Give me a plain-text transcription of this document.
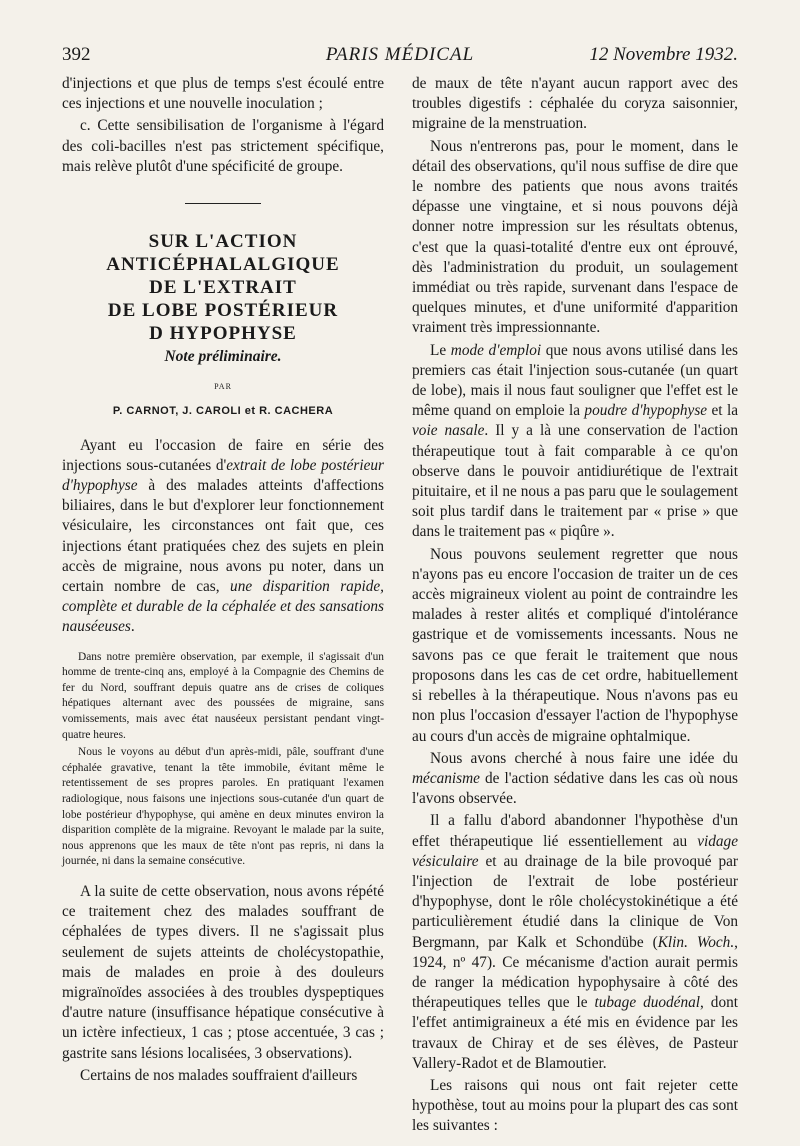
392	PARIS MÉDICAL	12 Novembre 1932.

d'injections et que plus de temps s'est écoulé entre ces injections et une nouvelle inoculation ;

c. Cette sensibilisation de l'organisme à l'égard des coli-bacilles n'est pas strictement spécifique, mais relève plutôt d'une spécificité de groupe.

SUR L'ACTION
ANTICÉPHALALGIQUE
DE L'EXTRAIT
DE LOBE POSTÉRIEUR
D HYPOPHYSE
Note préliminaire.
PAR
P. CARNOT, J. CAROLI et R. CACHERA

Ayant eu l'occasion de faire en série des injections sous-cutanées d'extrait de lobe postérieur d'hypophyse à des malades atteints d'affections biliaires, dans le but d'explorer leur fonctionnement vésiculaire, les circonstances ont fait que, ces injections étant pratiquées chez des sujets en plein accès de migraine, nous avons pu noter, dans un certain nombre de cas, une disparition rapide, complète et durable de la céphalée et des sansations nauséeuses.

Dans notre première observation, par exemple, il s'agissait d'un homme de trente-cinq ans, employé à la Compagnie des Chemins de fer du Nord, souffrant depuis quatre ans de crises de coliques hépatiques alternant avec des poussées de migraine, sans vomissements, mais avec état nauséeux persistant pendant vingt-quatre heures.

Nous le voyons au début d'un après-midi, pâle, souffrant d'une céphalée gravative, tenant la tête immobile, évitant même le retentissement de ses propres paroles. En pratiquant l'examen radiologique, nous faisons une injections sous-cutanée d'un quart de lobe postérieur d'hypophyse, qui amène en deux minutes environ la disparition complète de la migraine. Revoyant le malade par la suite, nous apprenons que les maux de tête n'ont pas repris, ni dans la journée, ni dans la semaine consécutive.

A la suite de cette observation, nous avons répété ce traitement chez des malades souffrant de céphalées de types divers. Il ne s'agissait plus seulement de sujets atteints de cholécystopathie, mais de malades en proie à des douleurs migraïnoïdes associées à des troubles dyspeptiques d'autre nature (insuffisance hépatique consécutive à un ictère infectieux, 1 cas ; ptose accentuée, 3 cas ; gastrite sans lésions localisées, 3 observations).

Certains de nos malades souffraient d'ailleurs

de maux de tête n'ayant aucun rapport avec des troubles digestifs : céphalée du coryza saisonnier, migraine de la menstruation.

Nous n'entrerons pas, pour le moment, dans le détail des observations, qu'il nous suffise de dire que le nombre des patients que nous avons traités dépasse une vingtaine, et si nous pouvons déjà donner notre impression sur les résultats obtenus, c'est que la quasi-totalité d'entre eux ont éprouvé, dès l'administration du produit, un soulagement immédiat ou très rapide, survenant dans l'espace de quelques minutes, et d'une uniformité d'apparition vraiment très impressionnante.

Le mode d'emploi que nous avons utilisé dans les premiers cas était l'injection sous-cutanée (un quart de lobe), mais il nous faut souligner que l'effet est le même quand on emploie la poudre d'hypophyse et la voie nasale. Il y a là une conservation de l'action thérapeutique tout à fait comparable à ce qu'on observe dans le pouvoir antidiurétique de l'extrait pituitaire, et il ne nous a pas paru que le soulagement soit plus tardif dans le traitement par « prise » que dans le traitement pas « piqûre ».

Nous pouvons seulement regretter que nous n'ayons pas eu encore l'occasion de traiter un de ces accès migraineux violent au point de contraindre les malades à rester alités et compliqué d'intolérance gastrique et de vomissements incessants. Nous ne savons pas ce que ferait le traitement que nous proposons dans les cas de cet ordre, habituellement si rebelles à la thérapeutique. Nous n'avons pas eu non plus l'occasion d'essayer l'action de l'hypophyse au cours d'un accès de migraine ophtalmique.

Nous avons cherché à nous faire une idée du mécanisme de l'action sédative dans les cas où nous l'avons observée.

Il a fallu d'abord abandonner l'hypothèse d'un effet thérapeutique lié essentiellement au vidage vésiculaire et au drainage de la bile provoqué par l'injection de l'extrait de lobe postérieur d'hypophyse, dont le rôle cholécystokinétique a été particulièrement étudié dans la clinique de Von Bergmann, par Kalk et Schondübe (Klin. Woch., 1924, nº 47). Ce mécanisme d'action aurait permis de ranger la médication hypophysaire à côté des thérapeutiques telles que le tubage duodénal, dont l'effet antimigraineux a été mis en évidence par les travaux de Chiray et de ses élèves, de Pasteur Vallery-Radot et de Blamoutier.

Les raisons qui nous ont fait rejeter cette hypothèse, tout au moins pour la plupart des cas sont les suivantes :
